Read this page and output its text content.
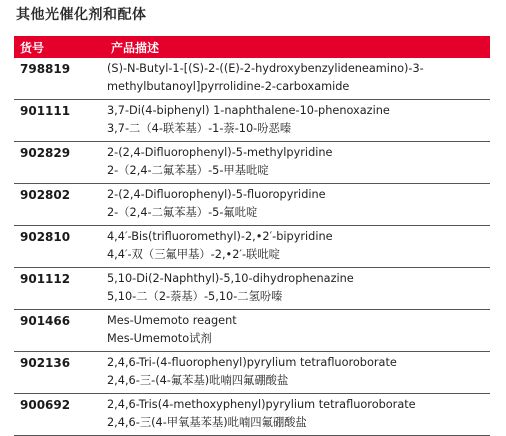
其他光催化剂和配体
货号	产品描述
798819	(S)-N-Butyl-1-[(S)-2-((E)-2-hydroxybenzylideneamino)-3-
methylbutanoyl]pyrrolidine-2-carboxamide

901111	3,7-Di(4-biphenyl) 1-naphthalene-10-phenoxazine
3,7-二（4-联苯基）-1-萘-10-吩恶嗪

902829	2-(2,4-Difluorophenyl)-5-methylpyridine
2-（2,4-二氟苯基）-5-甲基吡啶

902802	2-(2,4-Difluorophenyl)-5-fluoropyridine
2-（2,4-二氟苯基）-5-氟吡啶

902810	4,4′-Bis(trifluoromethyl)-2,•2′-bipyridine
4,4′-双（三氟甲基）-2,•2′-联吡啶

901112	5,10-Di(2-Naphthyl)-5,10-dihydrophenazine
5,10-二（2-萘基）-5,10-二氢吩嗪

901466	Mes-Umemoto reagent
Mes-Umemoto试剂

902136	2,4,6-Tri-(4-fluorophenyl)pyrylium tetrafluoroborate
2,4,6-三-(4-氟苯基)吡喃四氟硼酸盐

900692	2,4,6-Tris(4-methoxyphenyl)pyrylium tetrafluoroborate
2,4,6-三(4-甲氧基苯基)吡喃四氟硼酸盐
